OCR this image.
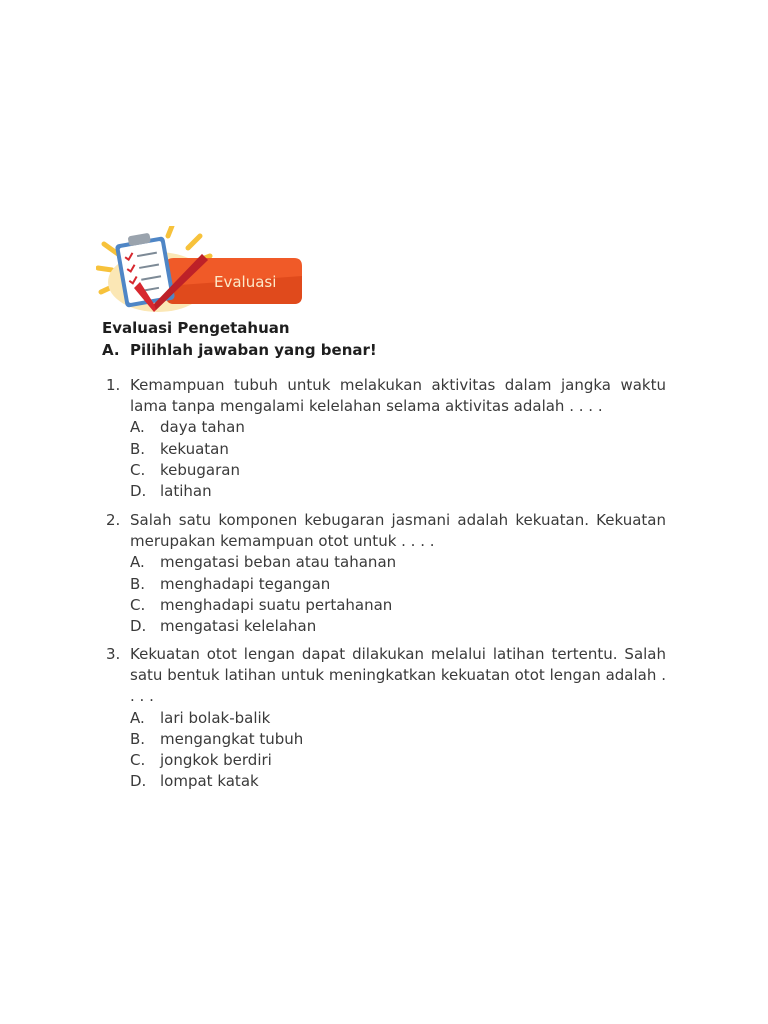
Evaluasi
Evaluasi Pengetahuan
A. Pilihlah jawaban yang benar!
1. Kemampuan tubuh untuk melakukan aktivitas dalam jangka waktu lama tanpa mengalami kelelahan selama aktivitas adalah . . . .
A.	daya tahan
B. kekuatan
C. kebugaran
D. latihan
2. Salah satu komponen kebugaran jasmani adalah kekuatan. Kekuatan merupakan kemampuan otot untuk . . . .
A.	mengatasi beban atau tahanan
B. menghadapi tegangan
C. menghadapi suatu pertahanan
D. mengatasi kelelahan
3. Kekuatan otot lengan dapat dilakukan melalui latihan tertentu. Salah satu bentuk latihan untuk meningkatkan kekuatan otot lengan adalah . . . .
A.	lari bolak-balik
B. mengangkat tubuh
C. jongkok berdiri
D. lompat katak
